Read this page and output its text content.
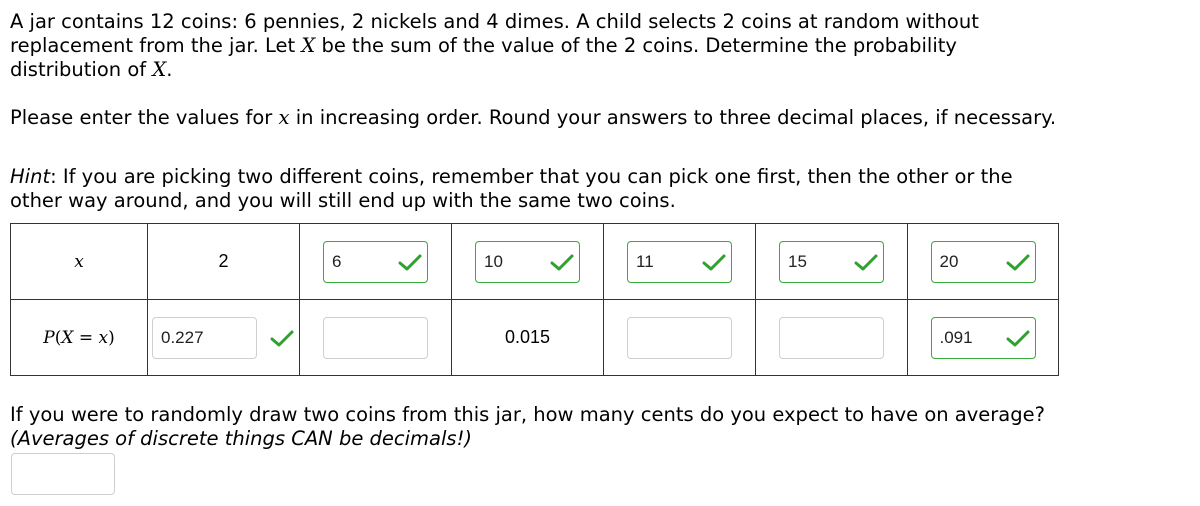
A jar contains 12 coins: 6 pennies, 2 nickels and 4 dimes. A child selects 2 coins at random without
replacement from the jar. Let X be the sum of the value of the 2 coins. Determine the probability
distribution of X.

Please enter the values for x in increasing order. Round your answers to three decimal places, if necessary.

Hint: If you are picking two different coins, remember that you can pick one first, then the other or the
other way around, and you will still end up with the same two coins.

x	2	6	10	11	15	20

P(X = x)	0.227		0.015			.091

If you were to randomly draw two coins from this jar, how many cents do you expect to have on average?
(Averages of discrete things CAN be decimals!)
